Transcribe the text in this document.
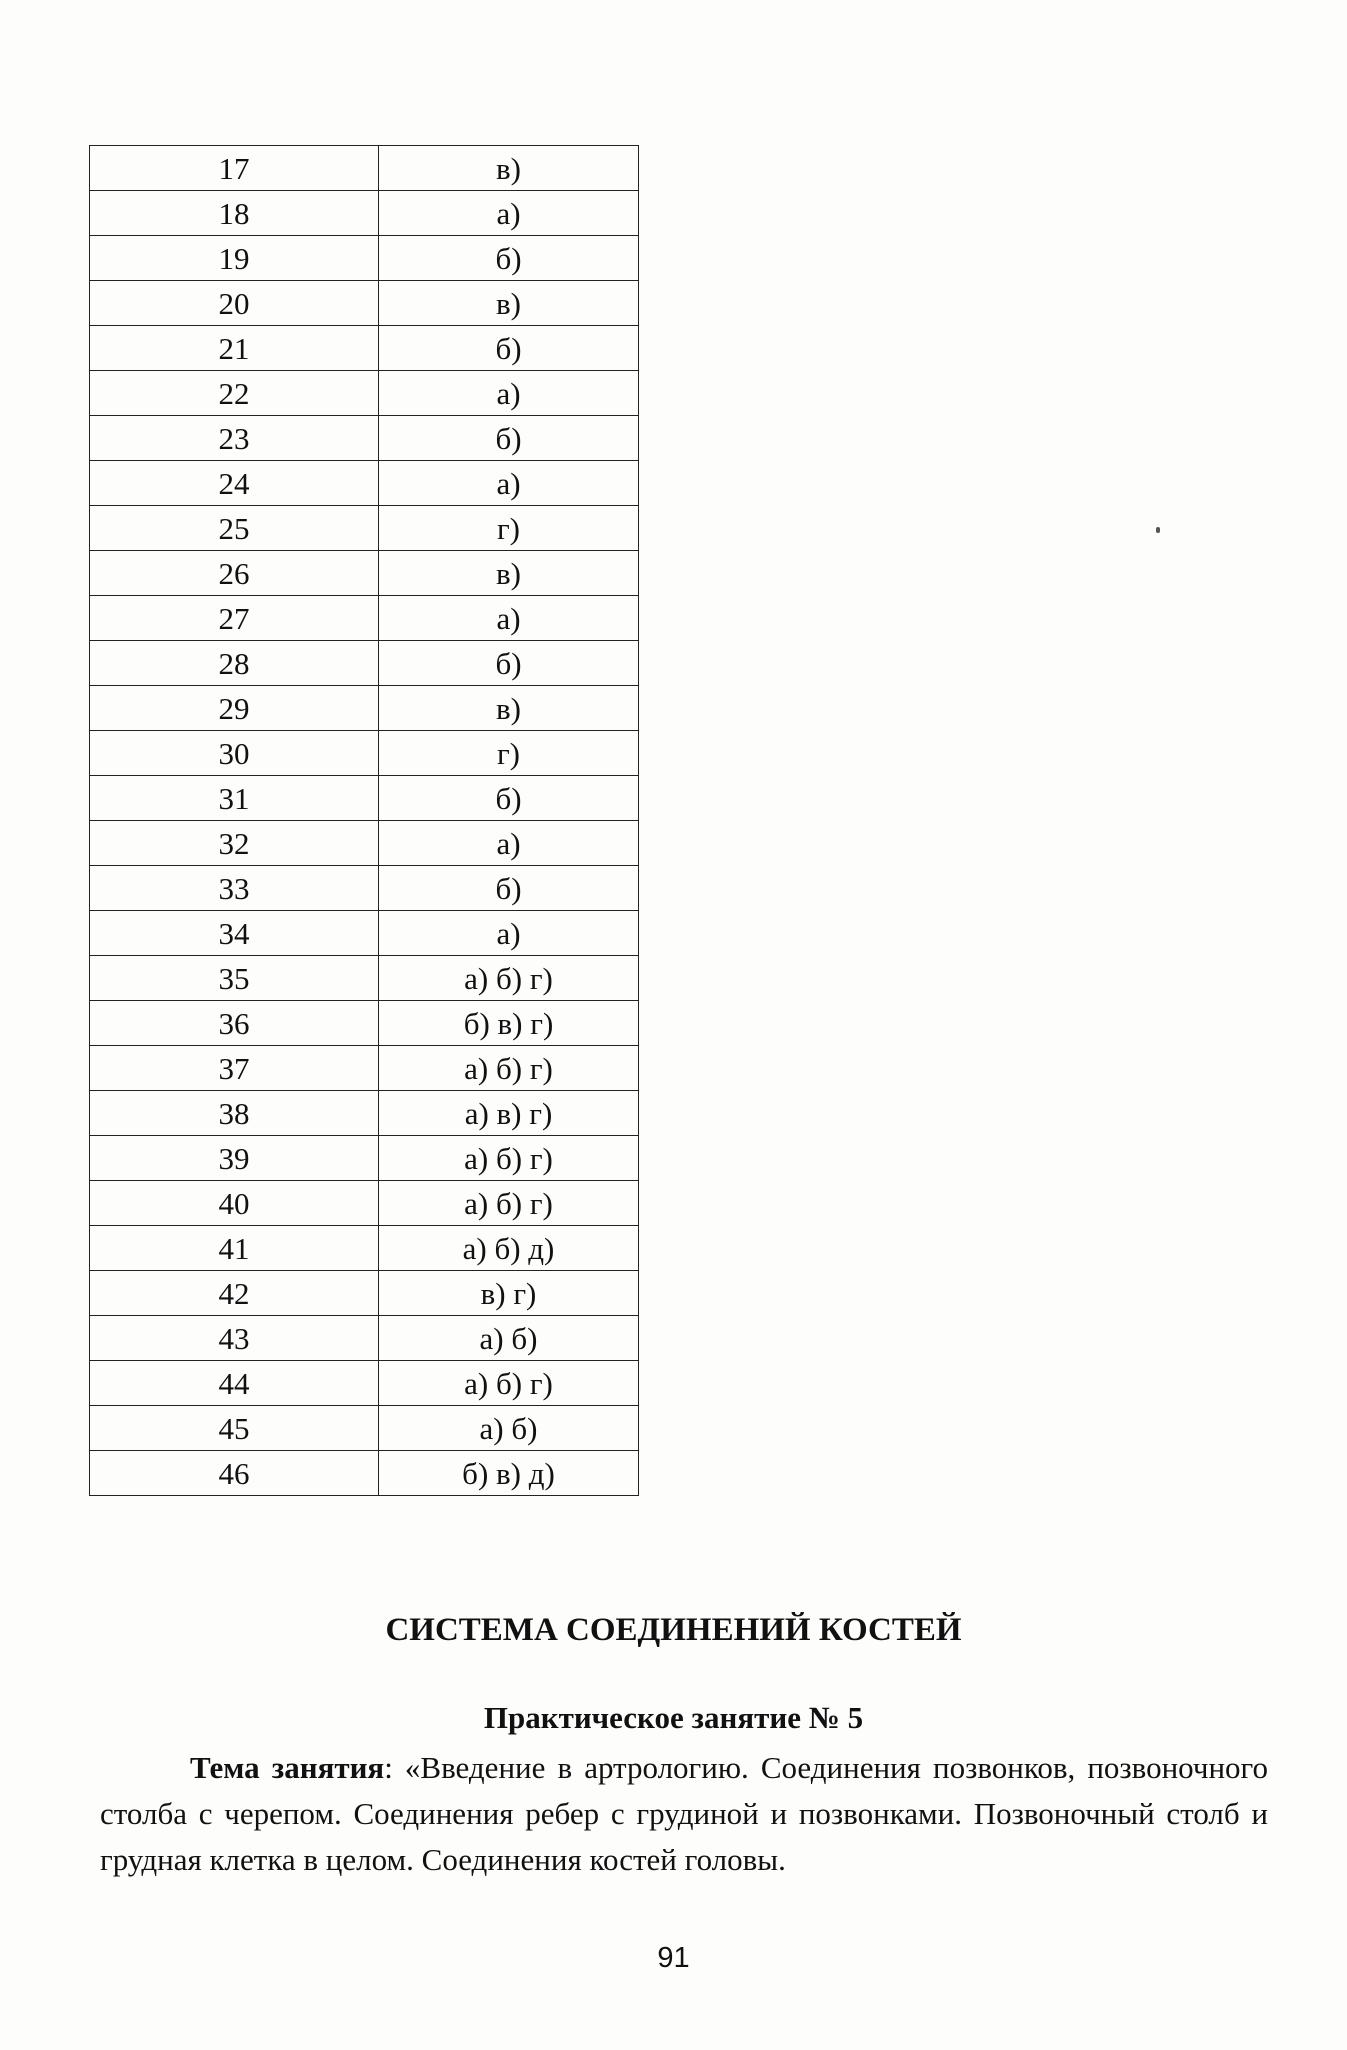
17	в)
18	а)
19	б)
20	в)
21	б)
22	а)
23	б)
24	а)
25	г)
26	в)
27	а)
28	б)
29	в)
30	г)
31	б)
32	а)
33	б)
34	а)
35	а) б) г)
36	б) в) г)
37	а) б) г)
38	а) в) г)
39	а) б) г)
40	а) б) г)
41	а) б) д)
42	в) г)
43	а) б)
44	а) б) г)
45	а) б)
46	б) в) д)
СИСТЕМА СОЕДИНЕНИЙ КОСТЕЙ
Практическое занятие № 5
Тема занятия: «Введение в артрологию. Соединения позвонков, позвоночного столба с черепом. Соединения ребер с грудиной и позвонками. Позвоночный столб и грудная клетка в целом. Соединения костей головы.
91
